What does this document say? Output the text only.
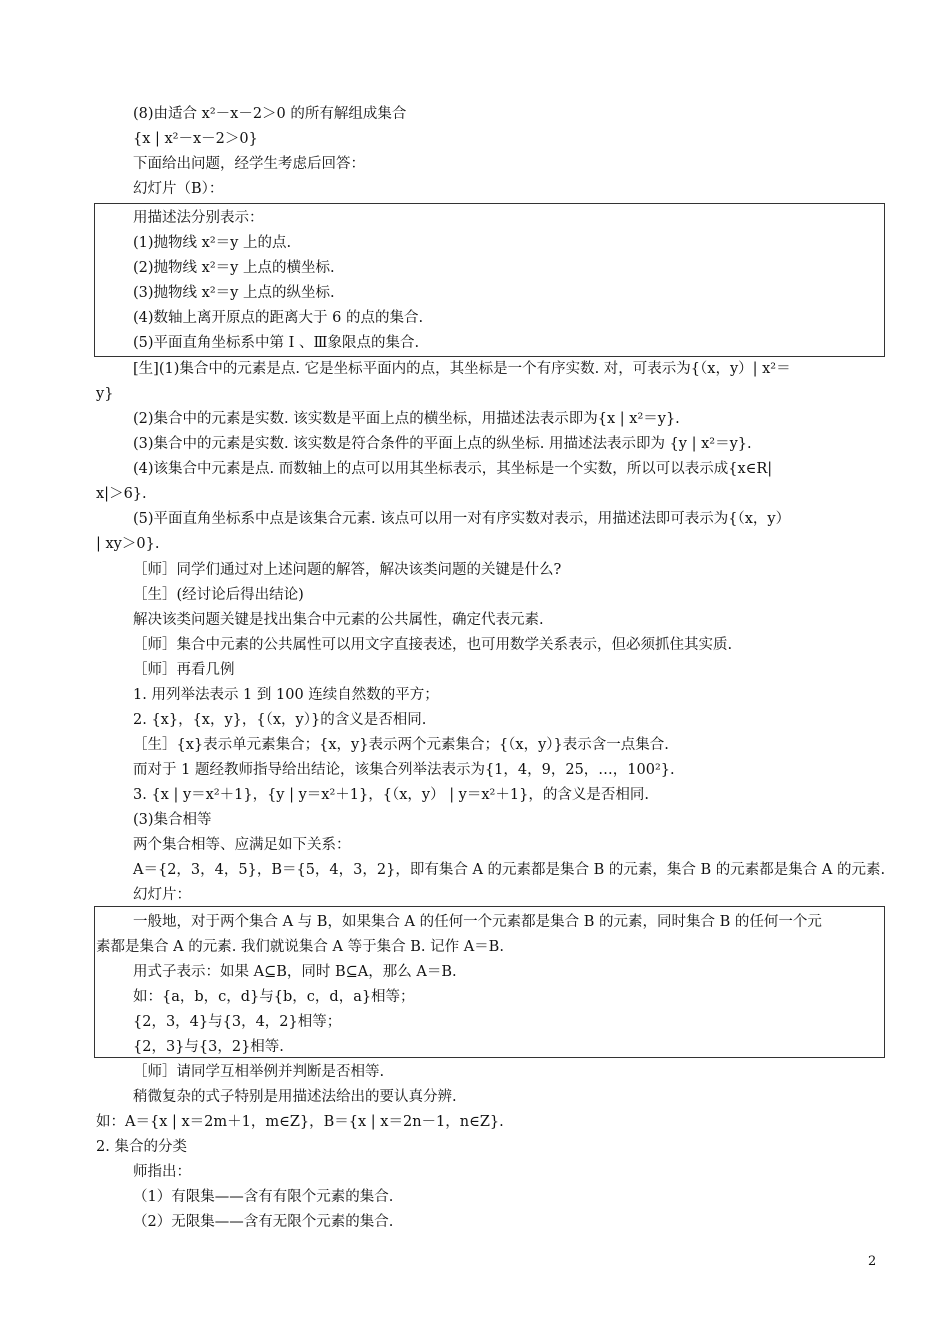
(8)由适合 x²－x－2＞0 的所有解组成集合
{x | x²－x－2＞0}
下面给出问题，经学生考虑后回答：
幻灯片（B）：
用描述法分别表示：
(1)抛物线 x²＝y 上的点.
(2)抛物线 x²＝y 上点的横坐标.
(3)抛物线 x²＝y 上点的纵坐标.
(4)数轴上离开原点的距离大于 6 的点的集合.
(5)平面直角坐标系中第 Ⅰ 、Ⅲ象限点的集合.
[生](1)集合中的元素是点. 它是坐标平面内的点，其坐标是一个有序实数. 对，可表示为{（x，y）| x²＝
y}
(2)集合中的元素是实数. 该实数是平面上点的横坐标，用描述法表示即为{x | x²＝y}.
(3)集合中的元素是实数. 该实数是符合条件的平面上点的纵坐标. 用描述法表示即为 {y | x²＝y}.
(4)该集合中元素是点. 而数轴上的点可以用其坐标表示，其坐标是一个实数，所以可以表示成{x∈R|
x|＞6}.
(5)平面直角坐标系中点是该集合元素. 该点可以用一对有序实数对表示，用描述法即可表示为{（x，y）
| xy＞0}.
［师］同学们通过对上述问题的解答，解决该类问题的关键是什么?
［生］(经讨论后得出结论)
解决该类问题关键是找出集合中元素的公共属性，确定代表元素.
［师］集合中元素的公共属性可以用文字直接表述，也可用数学关系表示，但必须抓住其实质.
［师］再看几例
1. 用列举法表示 1 到 100 连续自然数的平方；
2. {x}，{x，y}，{（x，y）}的含义是否相同.
［生］{x}表示单元素集合；{x，y}表示两个元素集合；{（x，y）}表示含一点集合.
而对于 1 题经教师指导给出结论，该集合列举法表示为{1，4，9，25，…，100²}.
3. {x | y＝x²＋1}，{y | y＝x²＋1}，{（x，y） | y＝x²＋1}，的含义是否相同.
(3)集合相等
两个集合相等、应满足如下关系：
A＝{2，3，4，5}，B＝{5，4，3，2}，即有集合 A 的元素都是集合 B 的元素，集合 B 的元素都是集合 A 的元素.
幻灯片：
一般地，对于两个集合 A 与 B，如果集合 A 的任何一个元素都是集合 B 的元素，同时集合 B 的任何一个元
素都是集合 A 的元素. 我们就说集合 A 等于集合 B. 记作 A＝B.
用式子表示：如果 A⊆B，同时 B⊆A，那么 A＝B.
如：{a，b，c，d}与{b，c，d，a}相等；
{2，3，4}与{3，4，2}相等；
{2，3}与{3，2}相等.
［师］请同学互相举例并判断是否相等.
稍微复杂的式子特别是用描述法给出的要认真分辨.
如：A＝{x | x＝2m＋1，m∈Z}，B＝{x | x＝2n－1，n∈Z}.
2. 集合的分类
师指出：
（1）有限集——含有有限个元素的集合.
（2）无限集——含有无限个元素的集合.
2
